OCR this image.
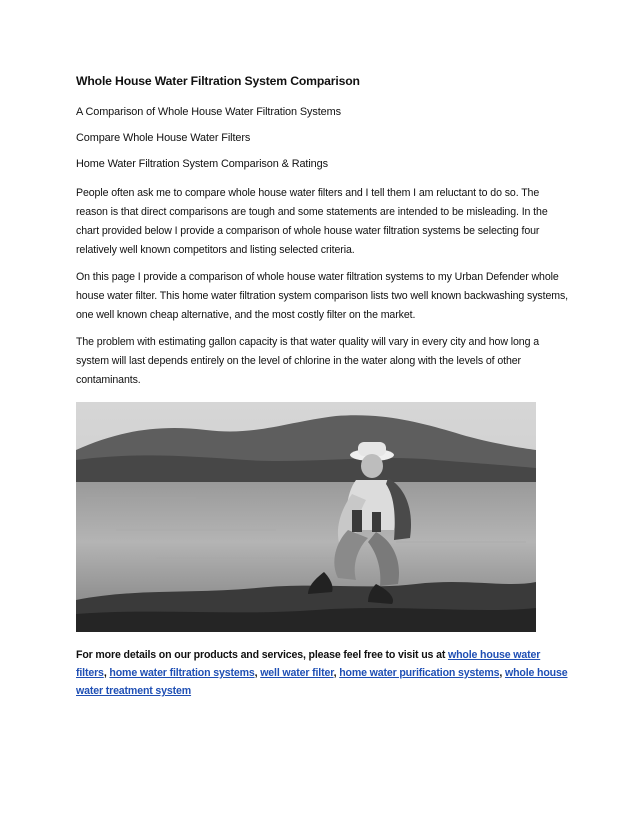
Whole House Water Filtration System Comparison
A Comparison of Whole House Water Filtration Systems
Compare Whole House Water Filters
Home Water Filtration System Comparison & Ratings

People often ask me to compare whole house water filters and I tell them I am reluctant to do so. The reason is that direct comparisons are tough and some statements are intended to be misleading. In the chart provided below I provide a comparison of whole house water filtration systems be selecting four relatively well known competitors and listing selected criteria.

On this page I provide a comparison of whole house water filtration systems to my Urban Defender whole house water filter. This home water filtration system comparison lists two well known backwashing systems, one well known cheap alternative, and the most costly filter on the market.

The problem with estimating gallon capacity is that water quality will vary in every city and how long a system will last depends entirely on the level of chlorine in the water along with the levels of other contaminants.

For more details on our products and services, please feel free to visit us at whole house water filters, home water filtration systems, well water filter, home water purification systems, whole house water treatment system
